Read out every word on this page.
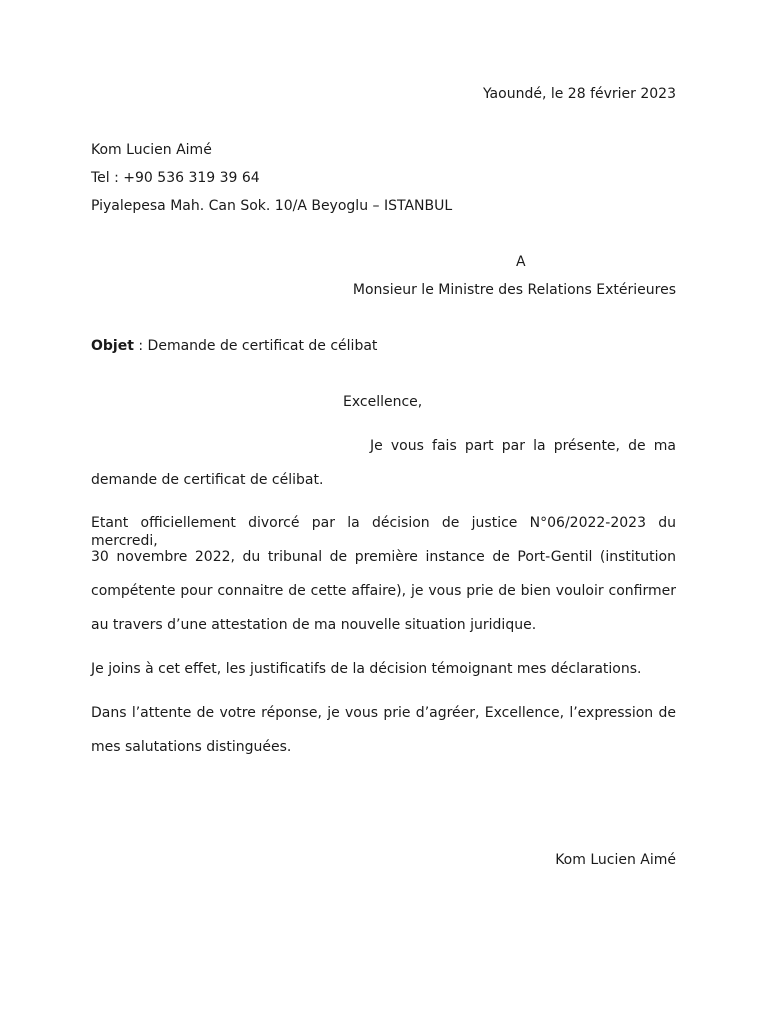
Yaoundé, le 28 février 2023
Kom Lucien Aimé
Tel : +90 536 319 39 64
Piyalepesa Mah. Can Sok. 10/A Beyoglu – ISTANBUL
A
Monsieur le Ministre des Relations Extérieures
Objet : Demande de certificat de célibat
Excellence,
Je vous fais part par la présente, de ma
demande de certificat de célibat.
Etant officiellement divorcé par la décision de justice N°06/2022-2023 du mercredi,
30 novembre 2022, du tribunal de première instance de Port-Gentil (institution
compétente pour connaitre de cette affaire), je vous prie de bien vouloir confirmer
au travers d’une attestation de ma nouvelle situation juridique.
Je joins à cet effet, les justificatifs de la décision témoignant mes déclarations.
Dans l’attente de votre réponse, je vous prie d’agréer, Excellence, l’expression de
mes salutations distinguées.
Kom Lucien Aimé
